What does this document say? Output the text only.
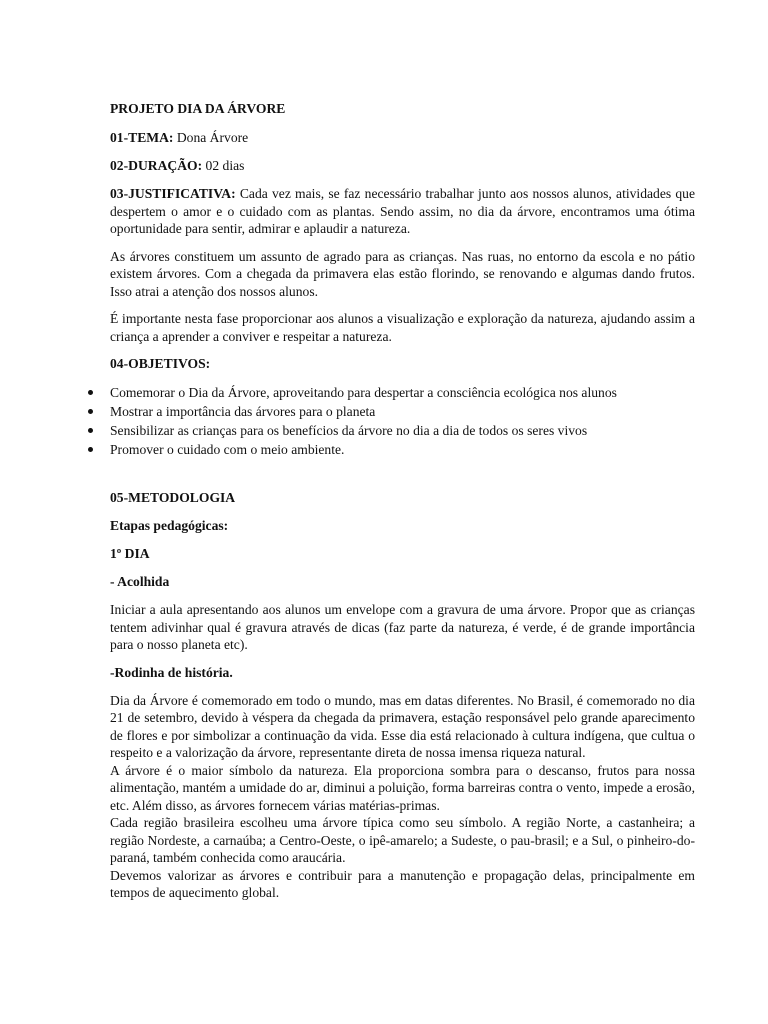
PROJETO DIA DA ÁRVORE

01-TEMA: Dona Árvore

02-DURAÇÃO: 02 dias

03-JUSTIFICATIVA: Cada vez mais, se faz necessário trabalhar junto aos nossos alunos, atividades que despertem o amor e o cuidado com as plantas. Sendo assim, no dia da árvore, encontramos uma ótima oportunidade para sentir, admirar e aplaudir a natureza.

As árvores constituem um assunto de agrado para as crianças. Nas ruas, no entorno da escola e no pátio existem árvores. Com a chegada da primavera elas estão florindo, se renovando e algumas dando frutos. Isso atrai a atenção dos nossos alunos.

É importante nesta fase proporcionar aos alunos a visualização e exploração da natureza, ajudando assim a criança a aprender a conviver e respeitar a natureza.

04-OBJETIVOS:

Comemorar o Dia da Árvore, aproveitando para despertar a consciência ecológica nos alunos
Mostrar a importância das árvores para o planeta
Sensibilizar as crianças para os benefícios da árvore no dia a dia de todos os seres vivos
Promover o cuidado com o meio ambiente.

05-METODOLOGIA

Etapas pedagógicas:

1º DIA

- Acolhida

Iniciar a aula apresentando aos alunos um envelope com a gravura de uma árvore. Propor que as crianças tentem adivinhar qual é gravura através de dicas (faz parte da natureza, é verde, é de grande importância para o nosso planeta etc).

-Rodinha de história.

Dia da Árvore é comemorado em todo o mundo, mas em datas diferentes. No Brasil, é comemorado no dia 21 de setembro, devido à véspera da chegada da primavera, estação responsável pelo grande aparecimento de flores e por simbolizar a continuação da vida. Esse dia está relacionado à cultura indígena, que cultua o respeito e a valorização da árvore, representante direta de nossa imensa riqueza natural.

A árvore é o maior símbolo da natureza. Ela proporciona sombra para o descanso, frutos para nossa alimentação, mantém a umidade do ar, diminui a poluição, forma barreiras contra o vento, impede a erosão, etc. Além disso, as árvores fornecem várias matérias-primas.

Cada região brasileira escolheu uma árvore típica como seu símbolo. A região Norte, a castanheira; a região Nordeste, a carnaúba; a Centro-Oeste, o ipê-amarelo; a Sudeste, o pau-brasil; e a Sul, o pinheiro-do-paraná, também conhecida como araucária.

Devemos valorizar as árvores e contribuir para a manutenção e propagação delas, principalmente em tempos de aquecimento global.
